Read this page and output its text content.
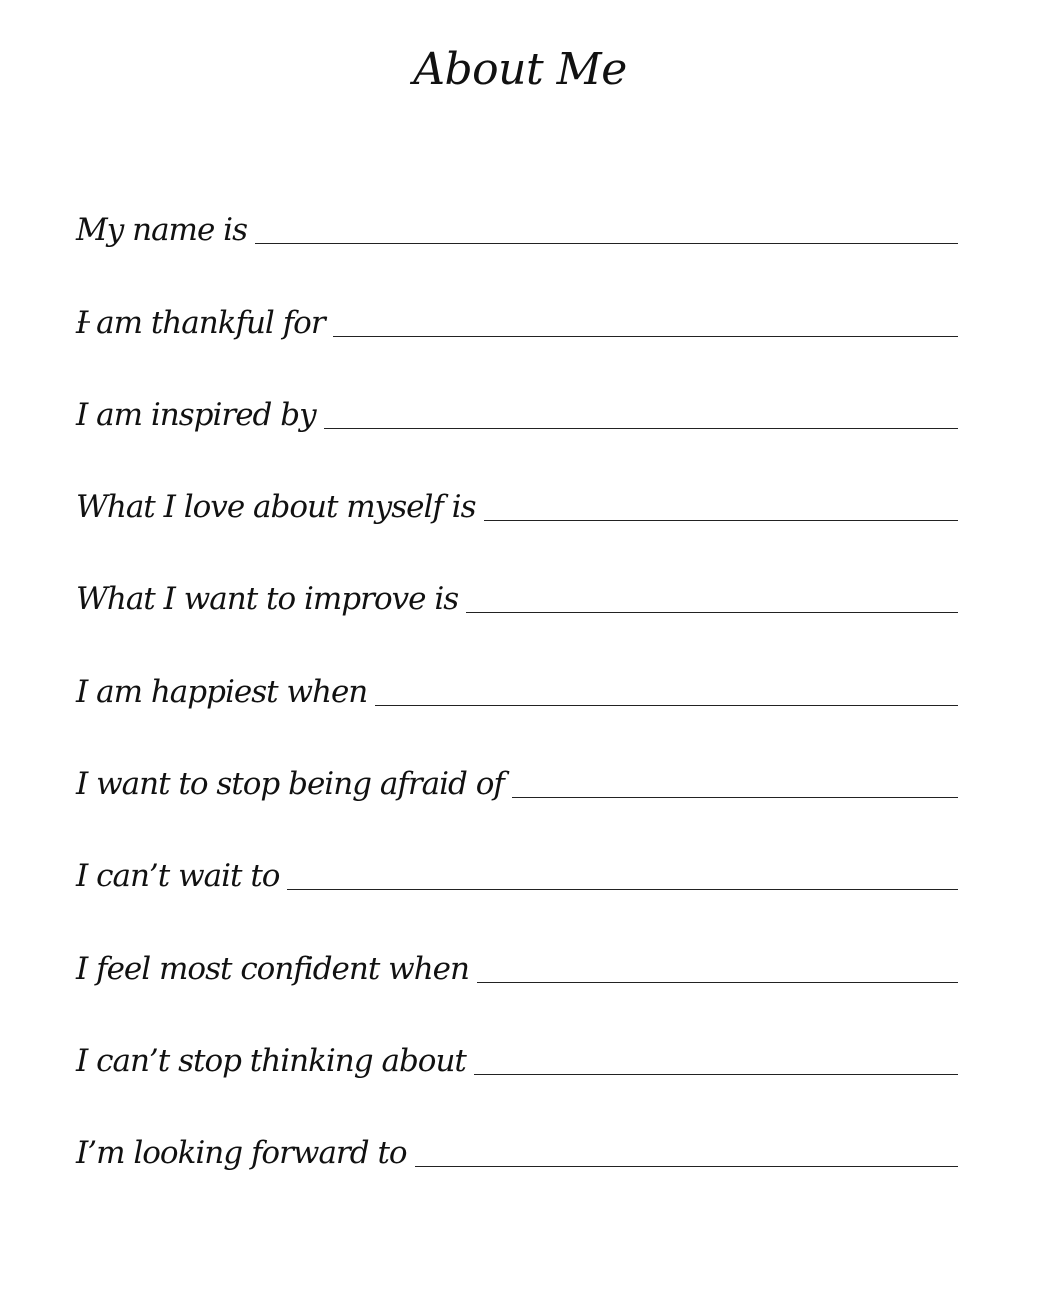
About Me
My name is
I am thankful for
I am inspired by
What I love about myself is
What I want to improve is
I am happiest when
I want to stop being afraid of
I can’t wait to
I feel most confident when
I can’t stop thinking about
I’m looking forward to
